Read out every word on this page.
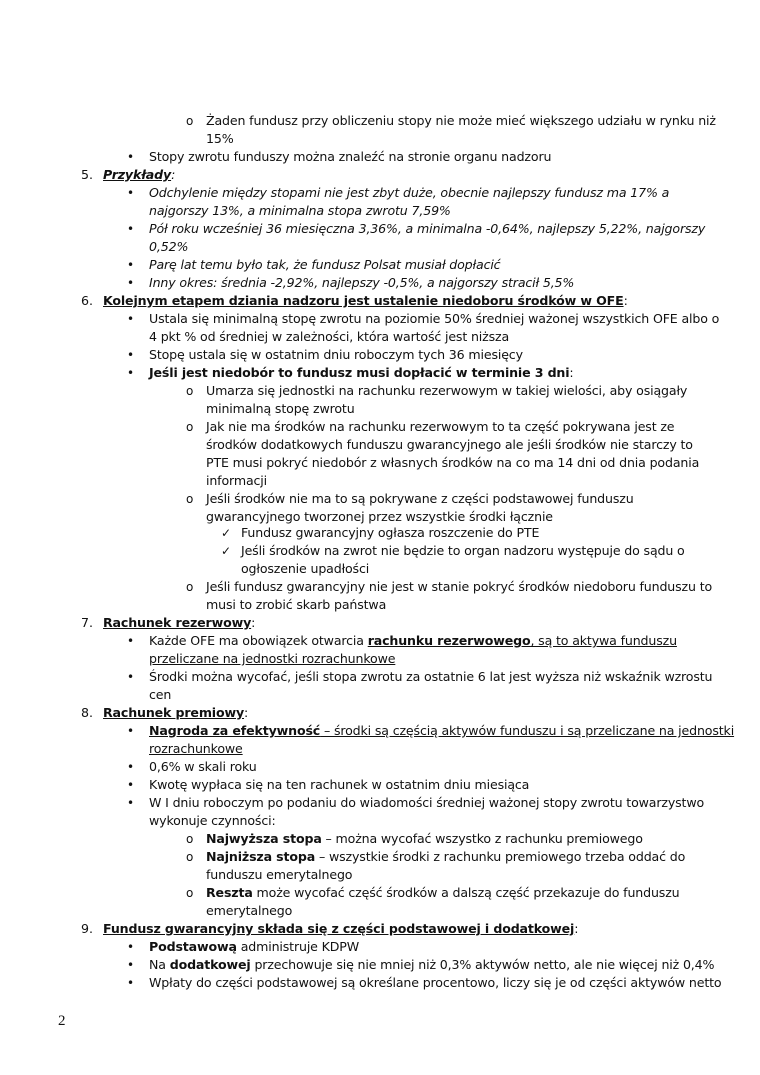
o Żaden fundusz przy obliczeniu stopy nie może mieć większego udziału w rynku niż
15%
• Stopy zwrotu funduszy można znaleźć na stronie organu nadzoru
5. Przykłady:
• Odchylenie między stopami nie jest zbyt duże, obecnie najlepszy fundusz ma 17% a
najgorszy 13%, a minimalna stopa zwrotu 7,59%
• Pół roku wcześniej 36 miesięczna 3,36%, a minimalna -0,64%, najlepszy 5,22%, najgorszy
0,52%
• Parę lat temu było tak, że fundusz Polsat musiał dopłacić
• Inny okres: średnia -2,92%, najlepszy -0,5%, a najgorszy stracił 5,5%
6. Kolejnym etapem dziania nadzoru jest ustalenie niedoboru środków w OFE:
• Ustala się minimalną stopę zwrotu na poziomie 50% średniej ważonej wszystkich OFE albo o
4 pkt % od średniej w zależności, która wartość jest niższa
• Stopę ustala się w ostatnim dniu roboczym tych 36 miesięcy
• Jeśli jest niedobór to fundusz musi dopłacić w terminie 3 dni:
o Umarza się jednostki na rachunku rezerwowym w takiej wielości, aby osiągały
minimalną stopę zwrotu
o Jak nie ma środków na rachunku rezerwowym to ta część pokrywana jest ze
środków dodatkowych funduszu gwarancyjnego ale jeśli środków nie starczy to
PTE musi pokryć niedobór z własnych środków na co ma 14 dni od dnia podania
informacji
o Jeśli środków nie ma to są pokrywane z części podstawowej funduszu
gwarancyjnego tworzonej przez wszystkie środki łącznie
✓ Fundusz gwarancyjny ogłasza roszczenie do PTE
✓ Jeśli środków na zwrot nie będzie to organ nadzoru występuje do sądu o
ogłoszenie upadłości
o Jeśli fundusz gwarancyjny nie jest w stanie pokryć środków niedoboru funduszu to
musi to zrobić skarb państwa
7. Rachunek rezerwowy:
• Każde OFE ma obowiązek otwarcia rachunku rezerwowego, są to aktywa funduszu
przeliczane na jednostki rozrachunkowe
• Środki można wycofać, jeśli stopa zwrotu za ostatnie 6 lat jest wyższa niż wskaźnik wzrostu
cen
8. Rachunek premiowy:
• Nagroda za efektywność – środki są częścią aktywów funduszu i są przeliczane na jednostki
rozrachunkowe
• 0,6% w skali roku
• Kwotę wypłaca się na ten rachunek w ostatnim dniu miesiąca
• W I dniu roboczym po podaniu do wiadomości średniej ważonej stopy zwrotu towarzystwo
wykonuje czynności:
o Najwyższa stopa – można wycofać wszystko z rachunku premiowego
o Najniższa stopa – wszystkie środki z rachunku premiowego trzeba oddać do
funduszu emerytalnego
o Reszta może wycofać część środków a dalszą część przekazuje do funduszu
emerytalnego
9. Fundusz gwarancyjny składa się z części podstawowej i dodatkowej:
• Podstawową administruje KDPW
• Na dodatkowej przechowuje się nie mniej niż 0,3% aktywów netto, ale nie więcej niż 0,4%
• Wpłaty do części podstawowej są określane procentowo, liczy się je od części aktywów netto
2
